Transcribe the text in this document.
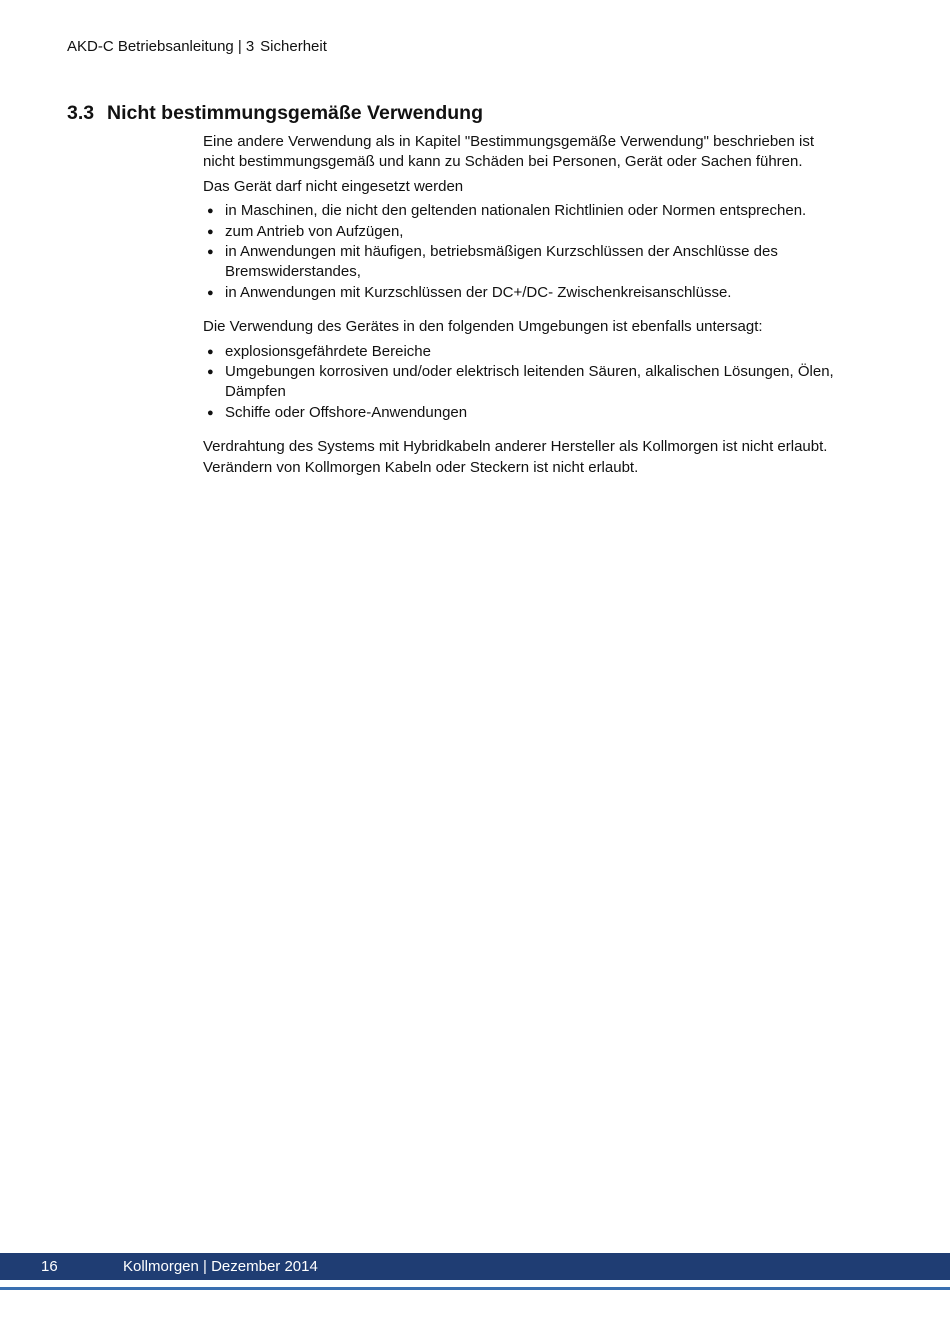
AKD-C Betriebsanleitung | 3 Sicherheit
3.3 Nicht bestimmungsgemäße Verwendung

Eine andere Verwendung als in Kapitel "Bestimmungsgemäße Verwendung" beschrieben ist nicht bestimmungsgemäß und kann zu Schäden bei Personen, Gerät oder Sachen führen.

Das Gerät darf nicht eingesetzt werden

● in Maschinen, die nicht den geltenden nationalen Richtlinien oder Normen entsprechen.
● zum Antrieb von Aufzügen,
● in Anwendungen mit häufigen, betriebsmäßigen Kurzschlüssen der Anschlüsse des Bremswiderstandes,
● in Anwendungen mit Kurzschlüssen der DC+/DC- Zwischenkreisanschlüsse.

Die Verwendung des Gerätes in den folgenden Umgebungen ist ebenfalls untersagt:

● explosionsgefährdete Bereiche
● Umgebungen korrosiven und/oder elektrisch leitenden Säuren, alkalischen Lösungen, Ölen, Dämpfen
● Schiffe oder Offshore-Anwendungen

Verdrahtung des Systems mit Hybridkabeln anderer Hersteller als Kollmorgen ist nicht erlaubt. Verändern von Kollmorgen Kabeln oder Steckern ist nicht erlaubt.

16	Kollmorgen | Dezember 2014
